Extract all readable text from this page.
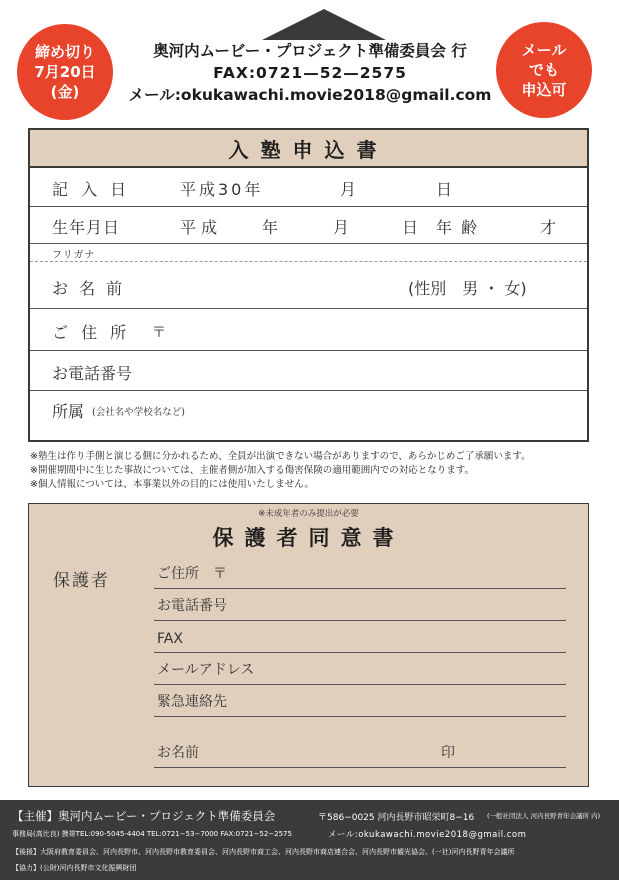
締め切り
7月20日
(金)
メール
でも
申込可
奥河内ムービー・プロジェクト準備委員会 行
FAX:0721—52—2575
メール:okukawachi.movie2018@gmail.com
入塾申込書
記 入 日	平成30年	月	日
生年月日	平 成	年	月	日 年 齢	才
フリガナ
お 名 前	(性別　男 ・ 女)
ご 住 所 〒
お電話番号
所属 (会社名や学校名など)
※塾生は作り手側と演じる側に分かれるため、全員が出演できない場合がありますので、あらかじめご了承願います。
※開催期間中に生じた事故については、主催者側が加入する傷害保険の適用範囲内での対応となります。
※個人情報については、本事業以外の目的には使用いたしません。
※未成年者のみ提出が必要
保護者同意書
保護者	ご住所　〒
お電話番号
FAX
メールアドレス
緊急連絡先
お名前	印
【主催】奥河内ムービー・プロジェクト準備委員会	〒586−0025 河内長野市昭栄町8−16 (一般社団法人 河内長野青年会議所 内)
事務局(高比良) 携帯TEL:090-5045-4404 TEL:0721−53−7000 FAX:0721−52−2575	メール:okukawachi.movie2018@gmail.com
【後援】大阪府教育委員会、河内長野市、河内長野市教育委員会、河内長野市商工会、河内長野市商店連合会、河内長野市観光協会、(一社)河内長野青年会議所
【協力】(公財)河内長野市文化振興財団
